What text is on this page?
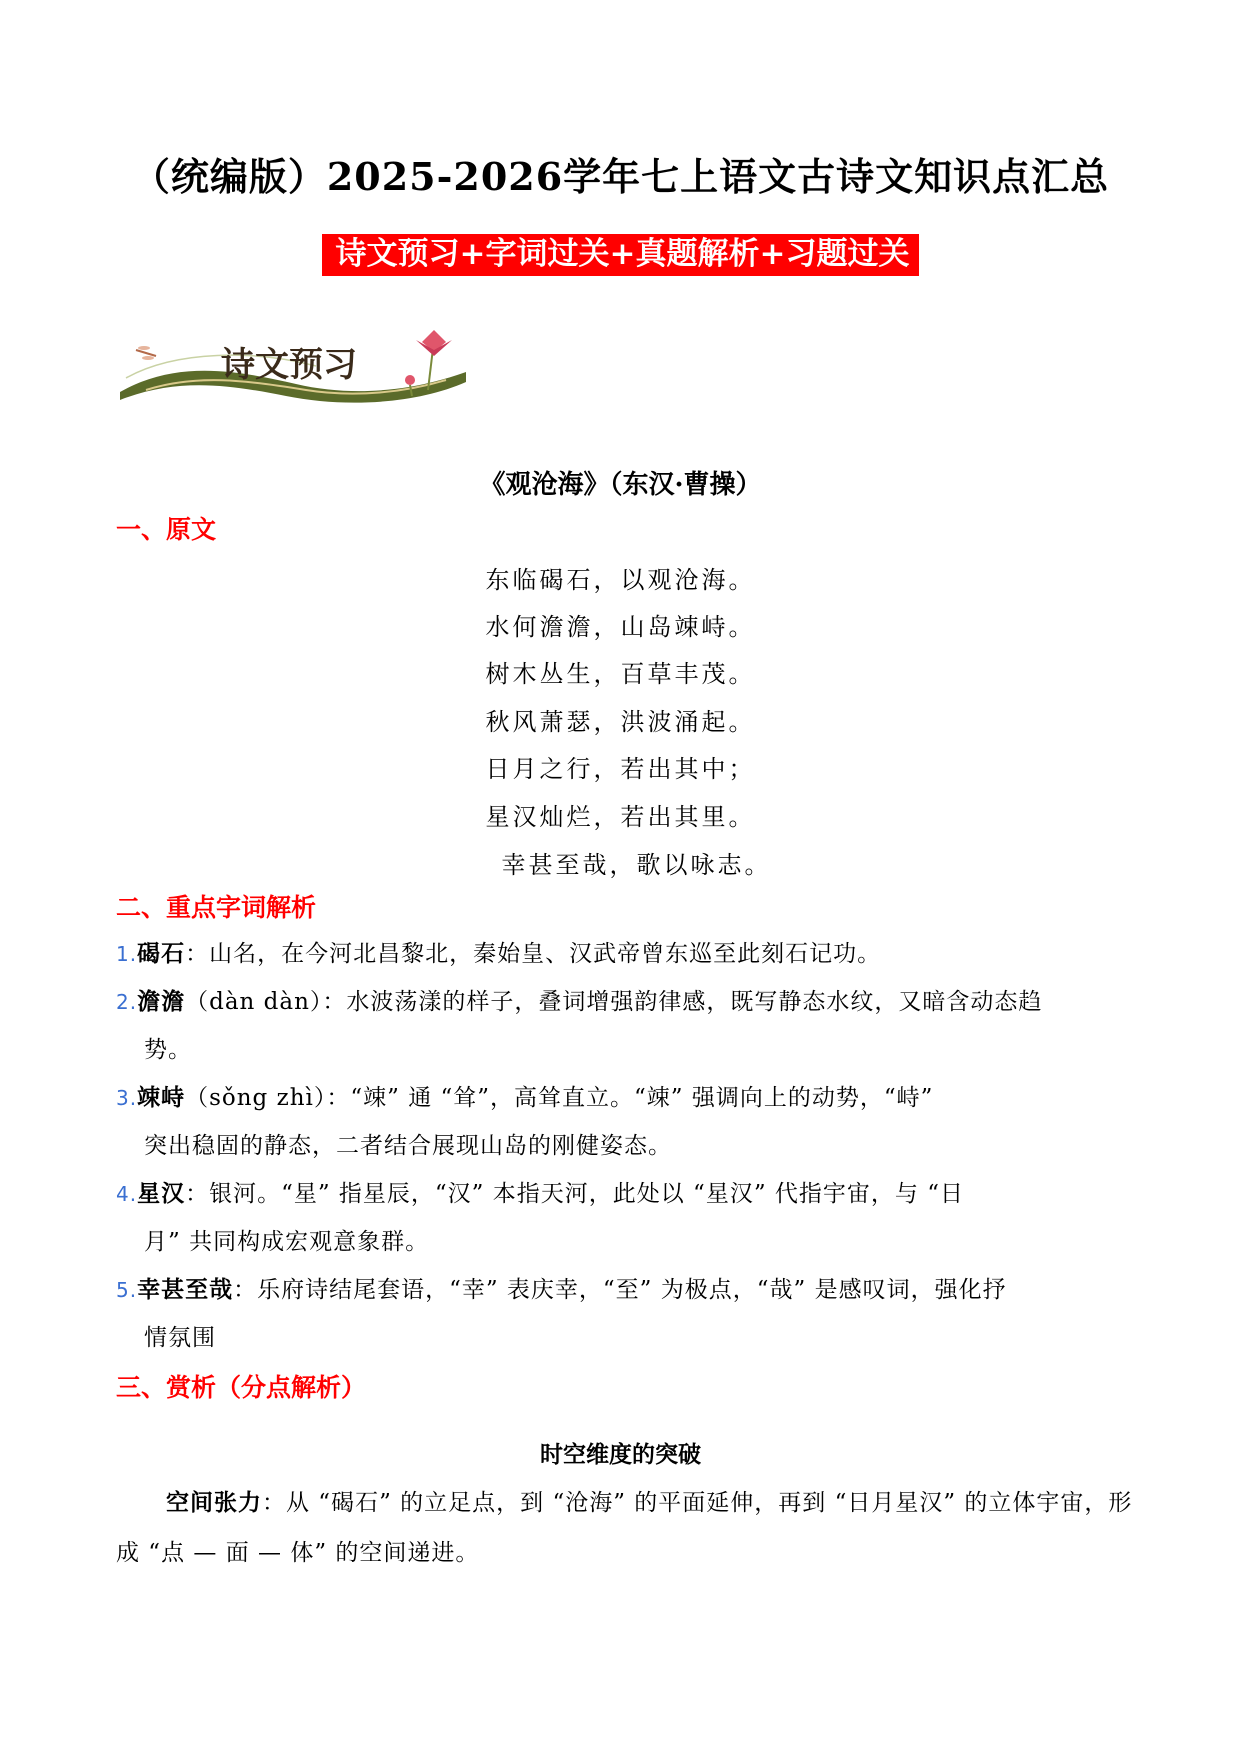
（统编版）2025-2026学年七上语文古诗文知识点汇总
诗文预习+字词过关+真题解析+习题过关
诗文预习
《观沧海》（东汉·曹操）
一、原文
东临碣石，以观沧海。
水何澹澹，山岛竦峙。
树木丛生，百草丰茂。
秋风萧瑟，洪波涌起。
日月之行，若出其中；
星汉灿烂，若出其里。
幸甚至哉，歌以咏志。
二、重点字词解析
1.碣石：山名，在今河北昌黎北，秦始皇、汉武帝曾东巡至此刻石记功。
2.澹澹（dàn dàn）：水波荡漾的样子，叠词增强韵律感，既写静态水纹，又暗含动态趋
势。
3.竦峙（sǒng zhì）：“竦” 通 “耸”，高耸直立。“竦” 强调向上的动势，“峙”
突出稳固的静态，二者结合展现山岛的刚健姿态。
4.星汉：银河。“星” 指星辰，“汉” 本指天河，此处以 “星汉” 代指宇宙，与 “日
月” 共同构成宏观意象群。
5.幸甚至哉：乐府诗结尾套语，“幸” 表庆幸，“至” 为极点，“哉” 是感叹词，强化抒
情氛围
三、赏析（分点解析）
时空维度的突破
空间张力：从 “碣石” 的立足点，到 “沧海” 的平面延伸，再到 “日月星汉” 的立体宇宙，形成 “点 — 面 — 体” 的空间递进。
